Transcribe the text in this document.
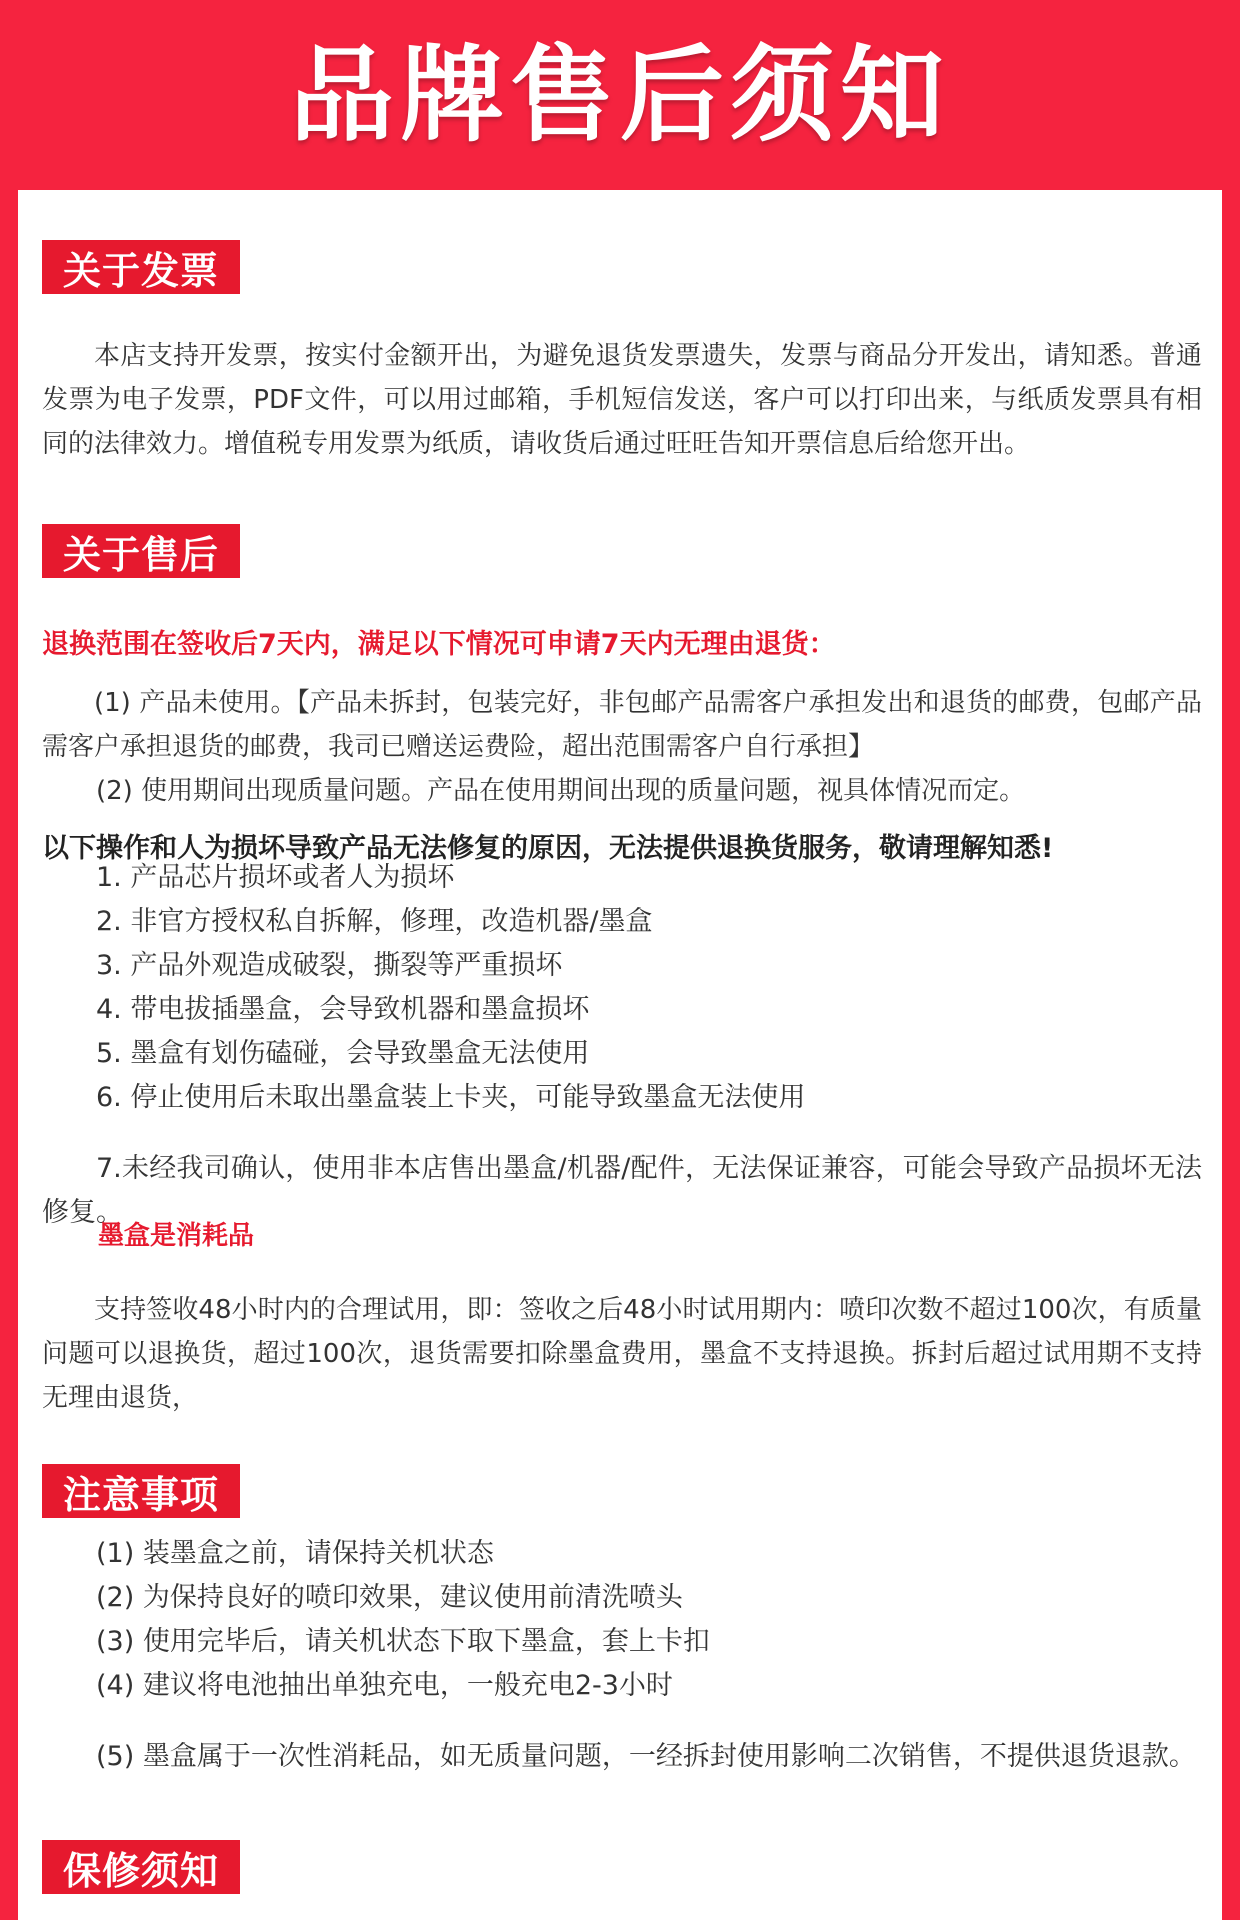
品牌售后须知
关于发票

本店支持开发票，按实付金额开出，为避免退货发票遗失，发票与商品分开发出，请知悉。普通发票为电子发票，PDF文件，可以用过邮箱，手机短信发送，客户可以打印出来，与纸质发票具有相同的法律效力。增值税专用发票为纸质，请收货后通过旺旺告知开票信息后给您开出。

关于售后

退换范围在签收后7天内，满足以下情况可申请7天内无理由退货：

(1) 产品未使用。【产品未拆封，包装完好，非包邮产品需客户承担发出和退货的邮费，包邮产品需客户承担退货的邮费，我司已赠送运费险，超出范围需客户自行承担】

(2) 使用期间出现质量问题。产品在使用期间出现的质量问题，视具体情况而定。

以下操作和人为损坏导致产品无法修复的原因，无法提供退换货服务，敬请理解知悉!

1. 产品芯片损坏或者人为损坏
2. 非官方授权私自拆解，修理，改造机器/墨盒
3. 产品外观造成破裂，撕裂等严重损坏
4. 带电拔插墨盒，会导致机器和墨盒损坏
5. 墨盒有划伤磕碰，会导致墨盒无法使用
6. 停止使用后未取出墨盒装上卡夹，可能导致墨盒无法使用

7.未经我司确认，使用非本店售出墨盒/机器/配件，无法保证兼容，可能会导致产品损坏无法修复。

墨盒是消耗品

支持签收48小时内的合理试用，即：签收之后48小时试用期内：喷印次数不超过100次，有质量问题可以退换货，超过100次，退货需要扣除墨盒费用，墨盒不支持退换。拆封后超过试用期不支持无理由退货，

注意事项
(1) 装墨盒之前，请保持关机状态
(2) 为保持良好的喷印效果，建议使用前清洗喷头
(3) 使用完毕后，请关机状态下取下墨盒，套上卡扣
(4) 建议将电池抽出单独充电，一般充电2-3小时

(5) 墨盒属于一次性消耗品，如无质量问题，一经拆封使用影响二次销售，不提供退货退款。

保修须知
